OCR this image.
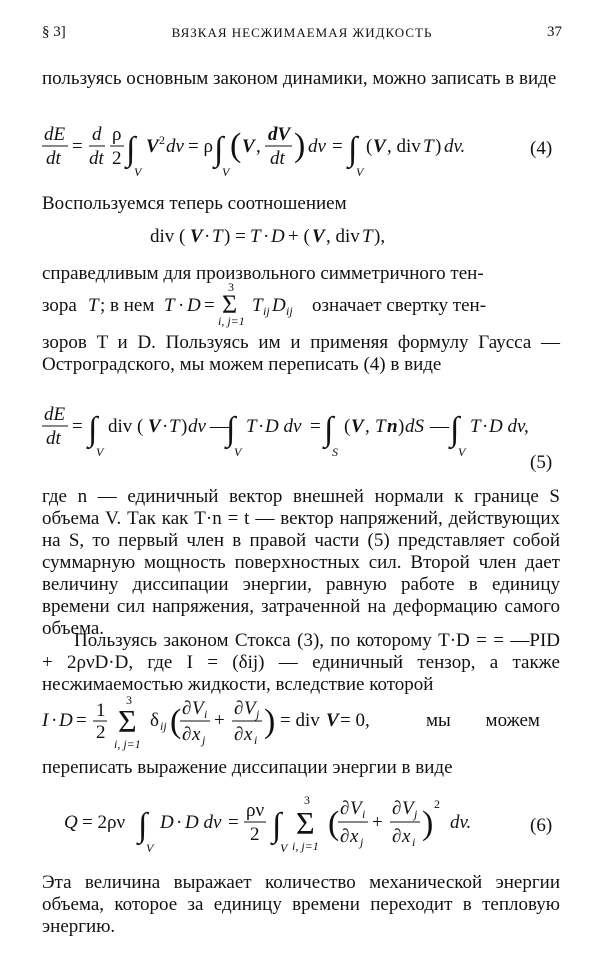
§ 3]	ВЯЗКАЯ НЕСЖИМАЕМАЯ ЖИДКОСТЬ	37
пользуясь основным законом динамики, можно записать в виде
dE
dt
=
d
dt
ρ
2 ∫
V
V 2 dv = ρ ∫
V
( V ,
dV
dt ) dv = ∫
V
( V , div T ) dv.	(4)
Воспользуемся теперь соотношением
div ( V · T ) = T · D + ( V , div T ),
справедливым для произвольного симметричного тен-
зора T ; в нем T · D =
3
Σ
i, j=1
T ij D ij означает свертку тен-
зоров T и D. Пользуясь им и применяя формулу Гаусса — Остроградского, мы можем переписать (4) в виде
dE
dt
= ∫
V
div ( V · T ) dv —
∫
V
T · D dv = ∫
S
( V , T n ) dS — ∫
V
T · D dv,
(5)
где n — единичный вектор внешней нормали к границе S объема V. Так как T·n = t — вектор напряжений, действующих на S, то первый член в правой части (5) представляет собой суммарную мощность поверхностных сил. Второй член дает величину диссипации энергии, равную работе в единицу времени сил напряжения, затраченной на деформацию самого объема.
Пользуясь законом Стокса (3), по которому T·D = = —PID + 2ρνD·D, где I = (δij) — единичный тензор, а также несжимаемостью жидкости, вследствие которой
I · D = 1
2
3
Σ
i, j=1
δ ij ( ∂ V i
∂ x j
+
∂ V j
∂ x i ) = div V = 0,	мы можем
переписать выражение диссипации энергии в виде
Q = 2ρν ∫
V
D · D dv =
ρν
2 ∫
V
3
Σ
i, j=1
( ∂ V i
∂ x j
+
∂ V j
∂ x i )
2
dv.	(6)
Эта величина выражает количество механической энергии объема, которое за единицу времени переходит в тепловую энергию.
